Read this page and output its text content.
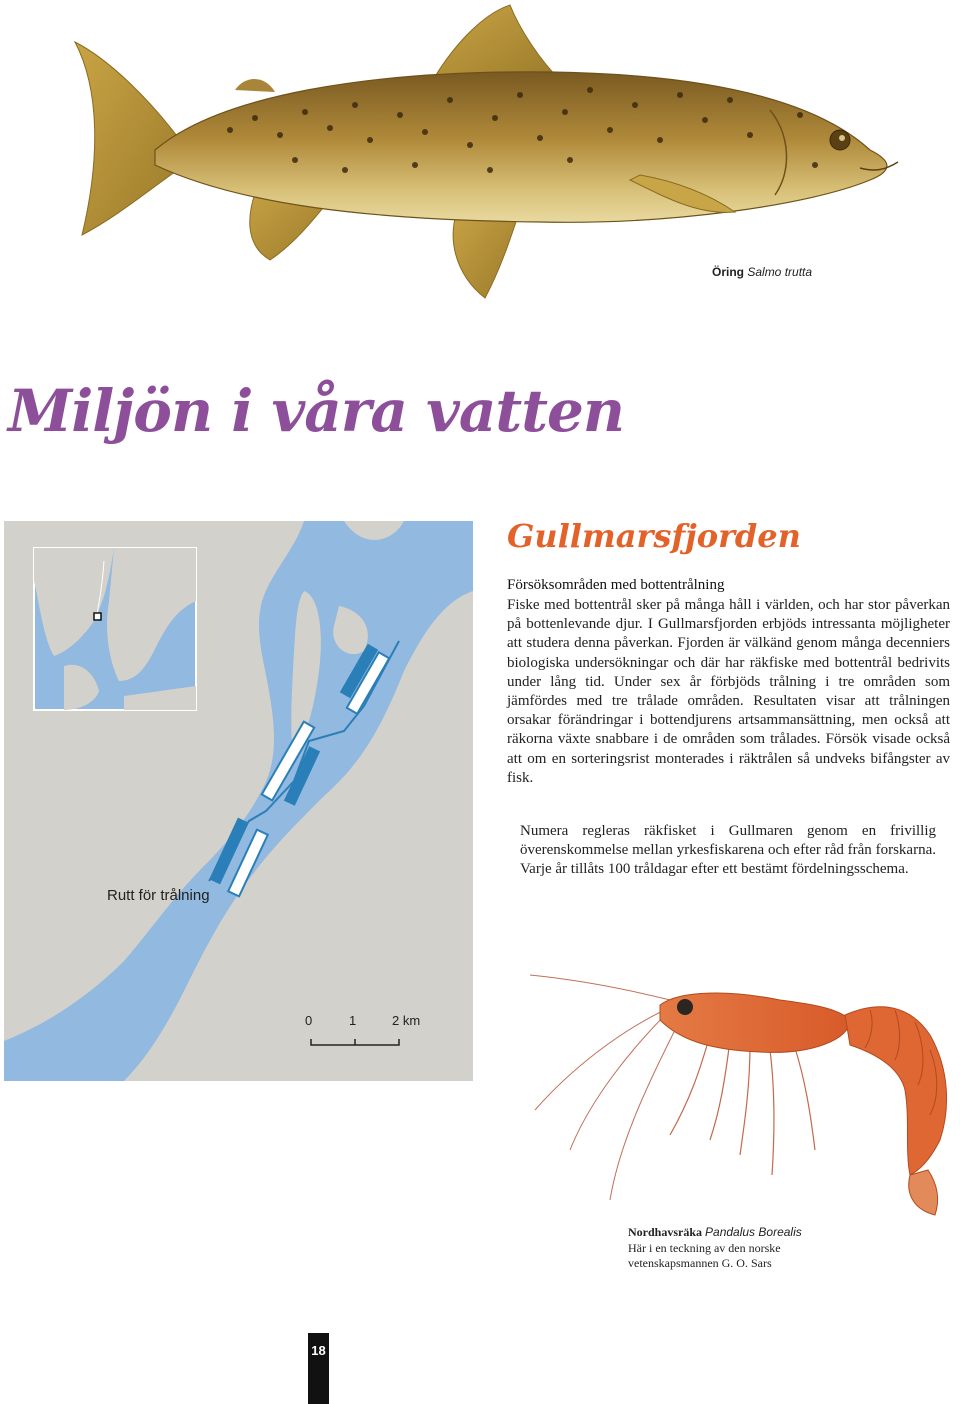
Öring Salmo trutta
Miljön i våra vatten
Rutt för trålning
0	1	2 km
Gullmarsfjorden
Försöksområden med bottentrålning
Fiske med bottentrål sker på många håll i världen, och har stor påverkan på bottenlevande djur. I Gullmarsfjorden erbjöds intressanta möjligheter att studera denna påverkan. Fjorden är välkänd genom många decenniers biologiska undersökningar och där har räkfiske med bottentrål bedrivits under lång tid. Under sex år förbjöds trålning i tre områden som jämfördes med tre trålade områden. Resultaten visar att trålningen orsakar förändringar i bottendjurens artsammansättning, men också att räkorna växte snabbare i de områden som trålades. Försök visade också att om en sorteringsrist monterades i räktrålen så undveks bifångster av fisk.
Numera regleras räkfisket i Gullmaren genom en frivillig överenskommelse mellan yrkesfiskarena och efter råd från forskarna. Varje år tillåts 100 tråldagar efter ett bestämt fördelningsschema.
Nordhavsräka Pandalus Borealis
Här i en teckning av den norske vetenskapsmannen G. O. Sars
18
